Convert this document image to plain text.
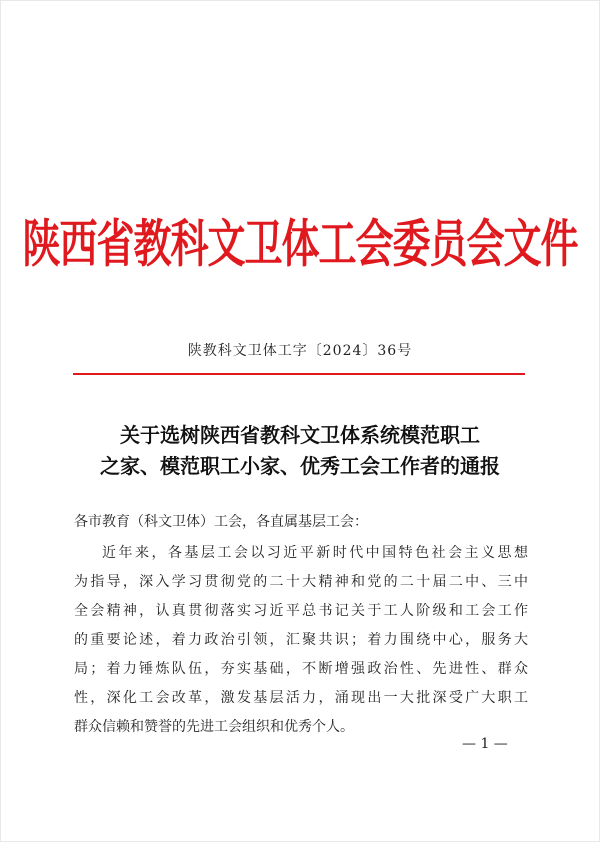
陕西省教科文卫体工会委员会文件
陕教科文卫体工字〔2024〕36号
关于选树陕西省教科文卫体系统模范职工
之家、模范职工小家、优秀工会工作者的通报
各市教育（科文卫体）工会，各直属基层工会：
近年来，各基层工会以习近平新时代中国特色社会主义思想
为指导，深入学习贯彻党的二十大精神和党的二十届二中、三中
全会精神，认真贯彻落实习近平总书记关于工人阶级和工会工作
的重要论述，着力政治引领，汇聚共识；着力围绕中心，服务大
局；着力锤炼队伍，夯实基础，不断增强政治性、先进性、群众
性，深化工会改革，激发基层活力，涌现出一大批深受广大职工
群众信赖和赞誉的先进工会组织和优秀个人。
— 1 —
